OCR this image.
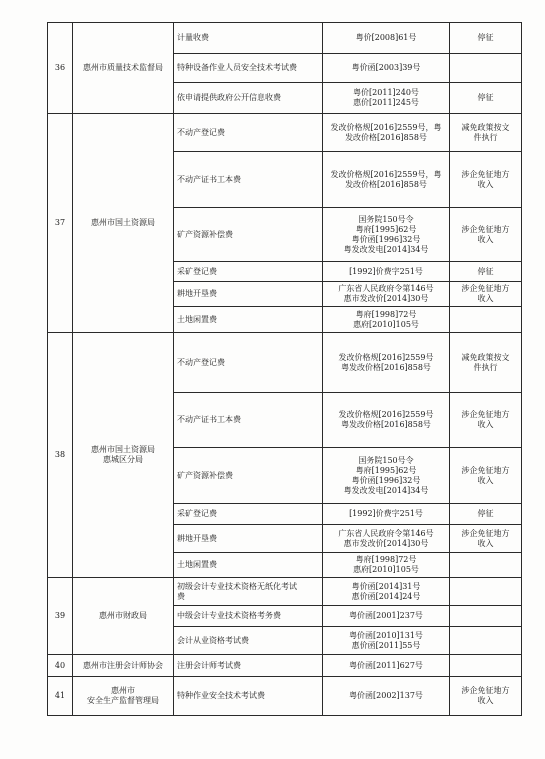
36	惠州市质量技术监督局	计量收费	粤价[2008]61号	停征

		特种设备作业人员安全技术考试费	粤价函[2003]39号	

		依申请提供政府公开信息收费	粤价[2011]240号
惠价[2011]245号	停征

37	惠州市国土资源局	不动产登记费	发改价格规[2016]2559号，粤
发改价格[2016]858号	减免政策按文
件执行

		不动产证书工本费	发改价格规[2016]2559号，粤
发改价格[2016]858号	涉企免征地方
收入

		矿产资源补偿费	国务院150号令
粤府[1995]62号
粤价函[1996]32号
粤发改发电[2014]34号	涉企免征地方
收入

		采矿登记费	[1992]价费字251号	停征

		耕地开垦费	广东省人民政府令第146号
惠市发改价[2014]30号	涉企免征地方
收入

		土地闲置费	粤府[1998]72号
惠府[2010]105号	

38	惠州市国土资源局
惠城区分局	不动产登记费	发改价格规[2016]2559号
粤发改价格[2016]858号	减免政策按文
件执行

		不动产证书工本费	发改价格规[2016]2559号
粤发改价格[2016]858号	涉企免征地方
收入

		矿产资源补偿费	国务院150号令
粤府[1995]62号
粤价函[1996]32号
粤发改发电[2014]34号	涉企免征地方
收入

		采矿登记费	[1992]价费字251号	停征

		耕地开垦费	广东省人民政府令第146号
惠市发改价[2014]30号	涉企免征地方
收入

		土地闲置费	粤府[1998]72号
惠府[2010]105号	

39	惠州市财政局	初级会计专业技术资格无纸化考试
费	粤价函[2014]31号
惠价函[2014]24号	

		中级会计专业技术资格考务费	粤价函[2001]237号	

		会计从业资格考试费	粤价函[2010]131号
惠价函[2011]55号	

40	惠州市注册会计师协会	注册会计师考试费	粤价函[2011]627号	

41	惠州市
安全生产监督管理局	特种作业安全技术考试费	粤价函[2002]137号	涉企免征地方
收入
